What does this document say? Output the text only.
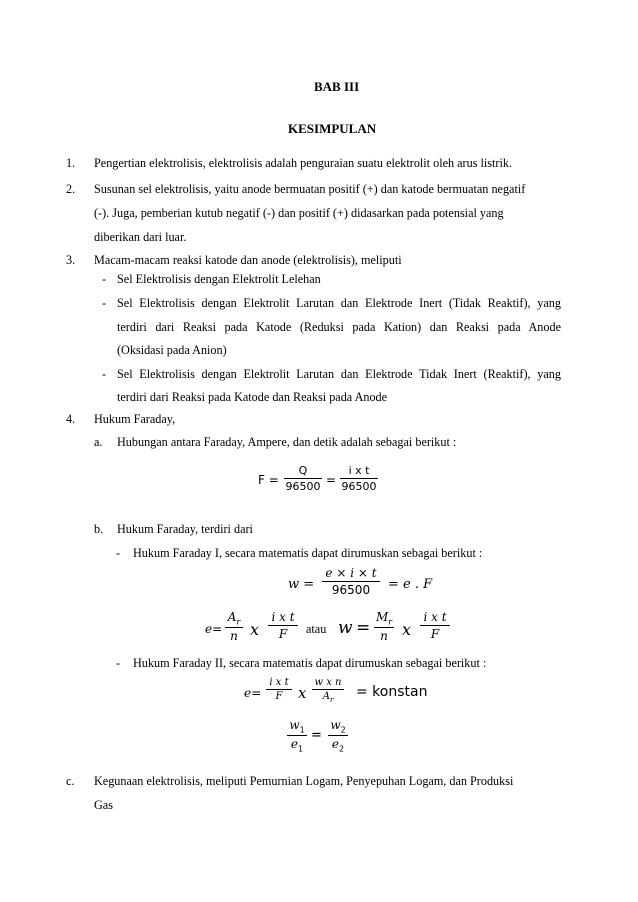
BAB III
KESIMPULAN
1. Pengertian elektrolisis, elektrolisis adalah penguraian suatu elektrolit oleh arus listrik.
2. Susunan sel elektrolisis, yaitu anode bermuatan positif (+) dan katode bermuatan negatif
(-). Juga, pemberian kutub negatif (-) dan positif (+) didasarkan pada potensial yang
diberikan dari luar.
3. Macam-macam reaksi katode dan anode (elektrolisis), meliputi
- Sel Elektrolisis dengan Elektrolit Lelehan
- Sel Elektrolisis dengan Elektrolit Larutan dan Elektrode Inert (Tidak Reaktif), yang
terdiri dari Reaksi pada Katode (Reduksi pada Kation) dan Reaksi pada Anode
(Oksidasi pada Anion)
- Sel Elektrolisis dengan Elektrolit Larutan dan Elektrode Tidak Inert (Reaktif), yang
terdiri dari Reaksi pada Katode dan Reaksi pada Anode
4. Hukum Faraday,
a. Hubungan antara Faraday, Ampere, dan detik adalah sebagai berikut :
F =
Q
96500 =
i x t
96500
b. Hukum Faraday, terdiri dari
- Hukum Faraday I, secara matematis dapat dirumuskan sebagai berikut :
w =
e × i × t
96500	= e . F
e=
$A_r$
n x
i x t
F	atau w =
$M_r$
n x
i x t
F
- Hukum Faraday II, secara matematis dapat dirumuskan sebagai berikut :
e=
i x t
F	x
w x n
$A_r$	= konstan
$w_1$
$e_1$
=
$w_2$
$e_2$
c. Kegunaan elektrolisis, meliputi Pemurnian Logam, Penyepuhan Logam, dan Produksi
Gas
